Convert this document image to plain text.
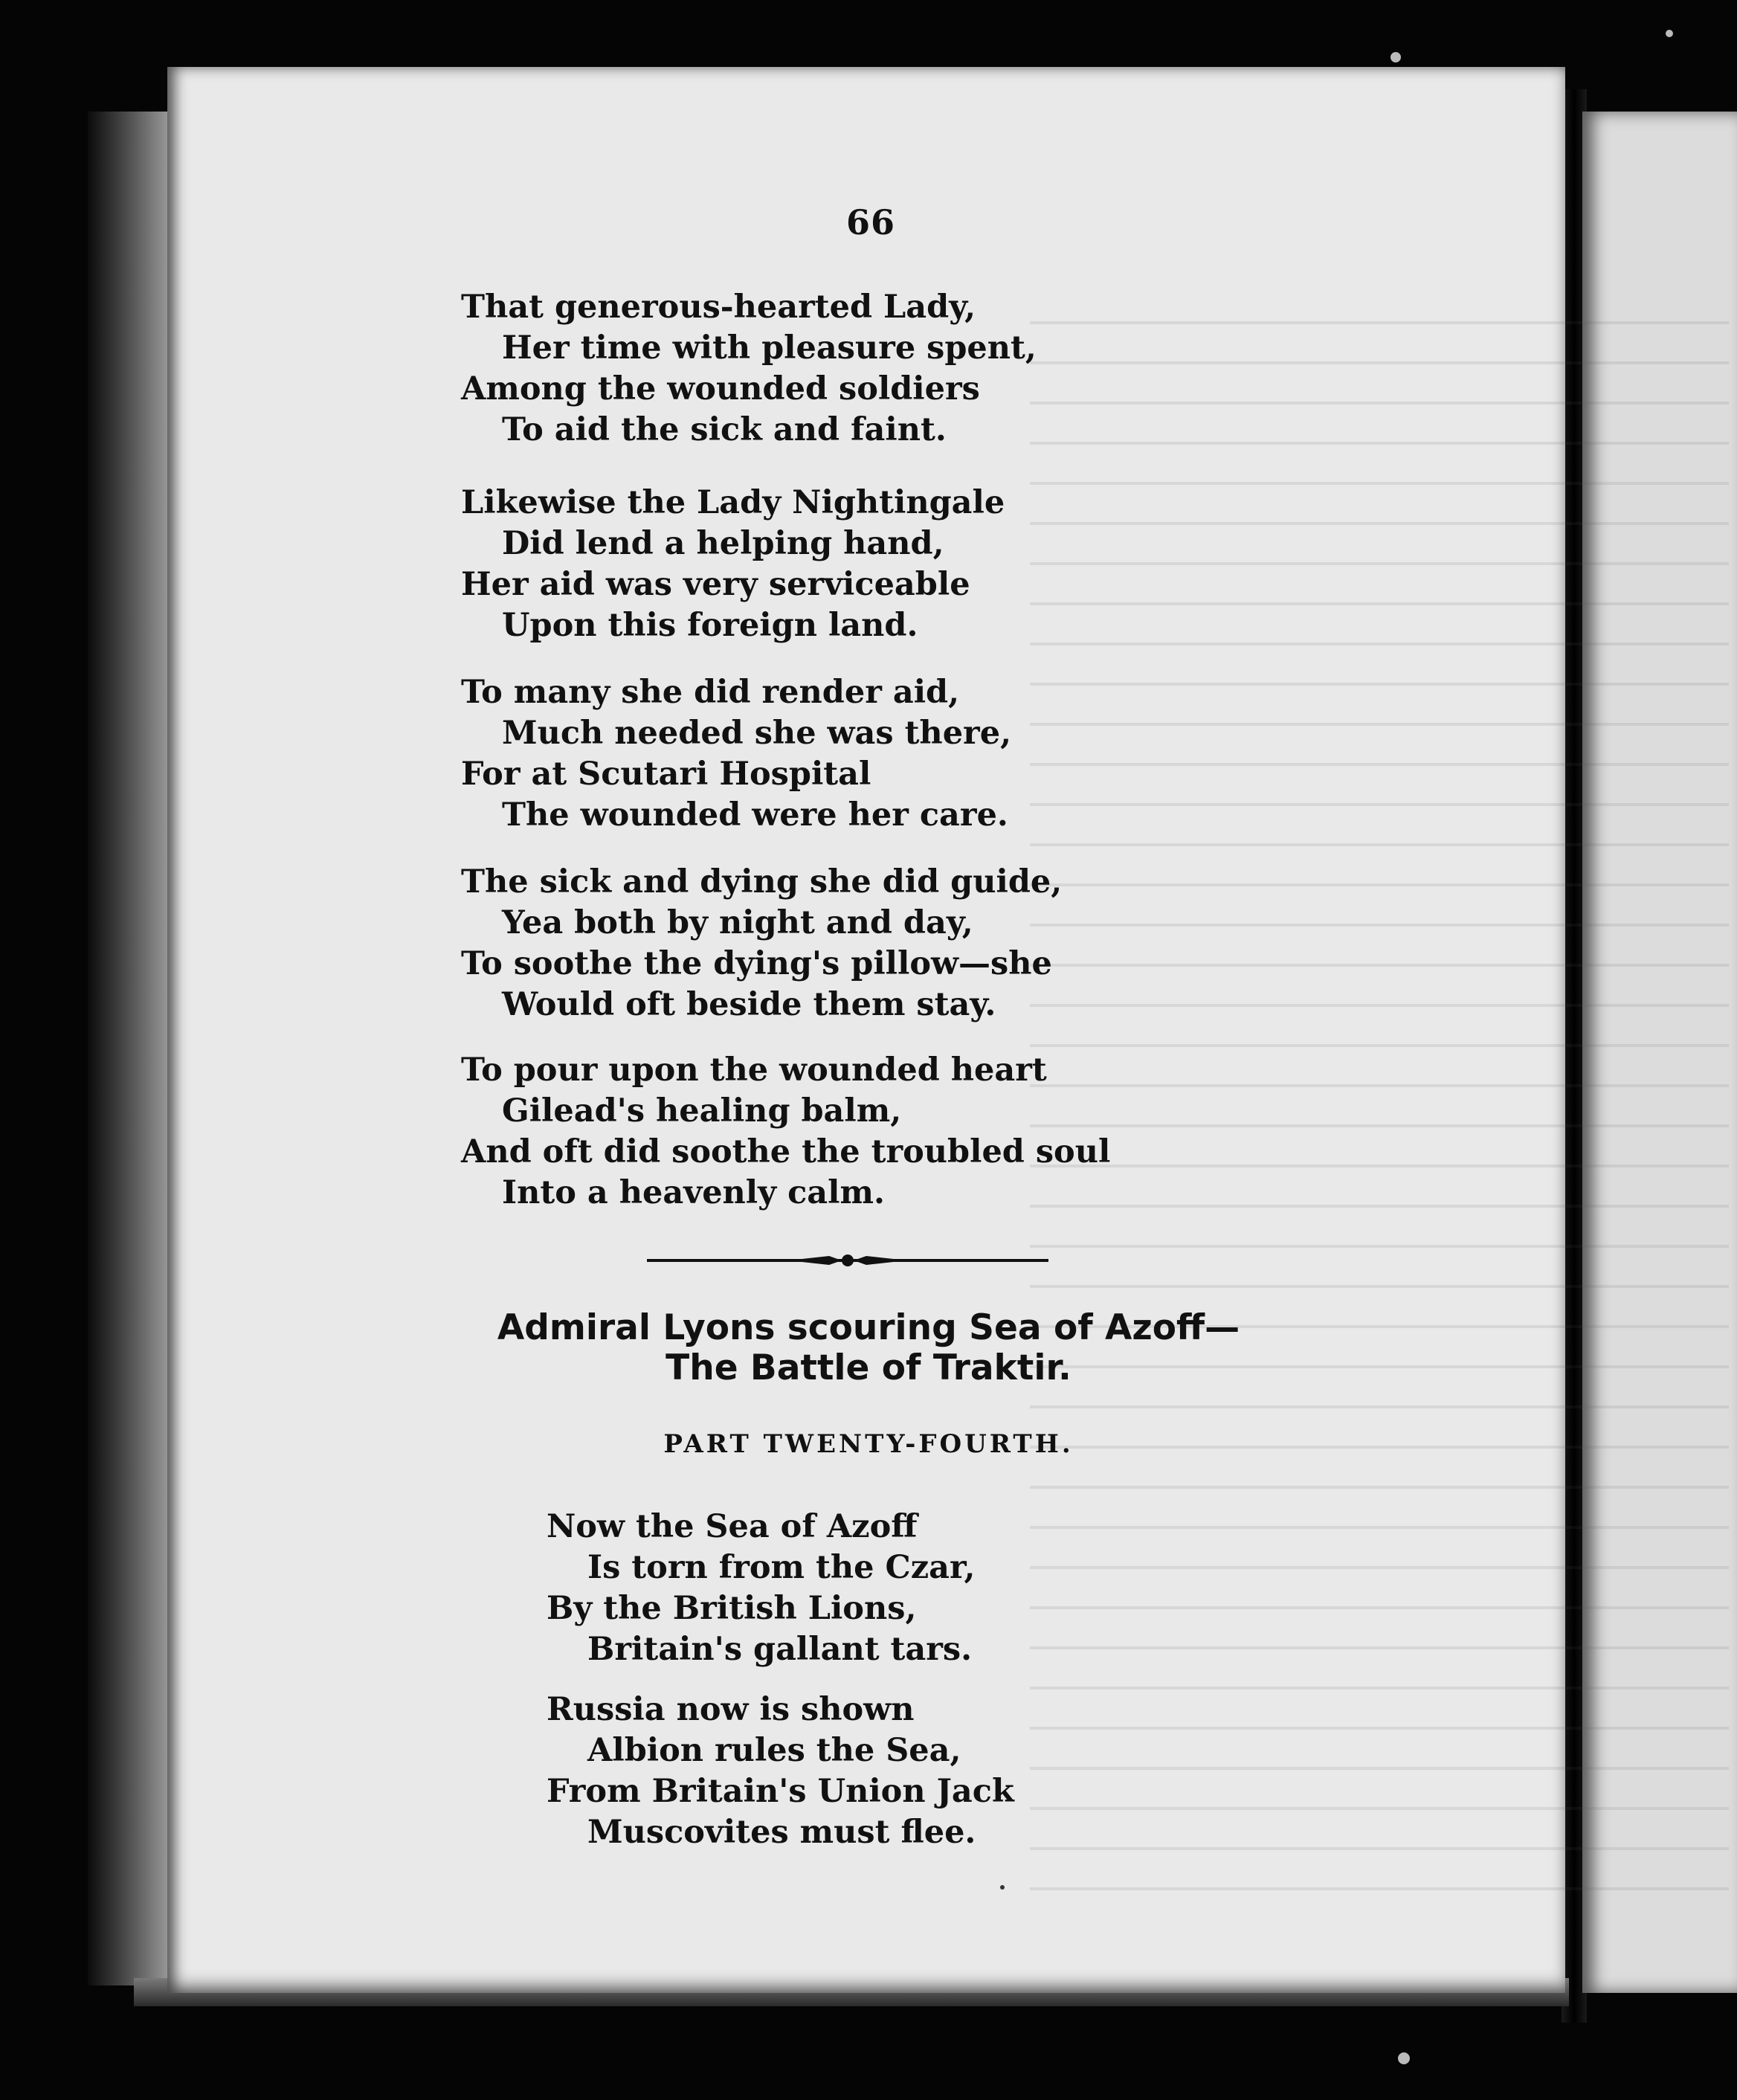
66
That generous-hearted Lady,
Her time with pleasure spent,
Among the wounded soldiers
To aid the sick and faint.
Likewise the Lady Nightingale
Did lend a helping hand,
Her aid was very serviceable
Upon this foreign land.
To many she did render aid,
Much needed she was there,
For at Scutari Hospital
The wounded were her care.
The sick and dying she did guide,
Yea both by night and day,
To soothe the dying's pillow—she
Would oft beside them stay.
To pour upon the wounded heart
Gilead's healing balm,
And oft did soothe the troubled soul
Into a heavenly calm.
Admiral Lyons scouring Sea of Azoff—
The Battle of Traktir.
PART TWENTY-FOURTH.
Now the Sea of Azoff
Is torn from the Czar,
By the British Lions,
Britain's gallant tars.
Russia now is shown
Albion rules the Sea,
From Britain's Union Jack
Muscovites must flee.
